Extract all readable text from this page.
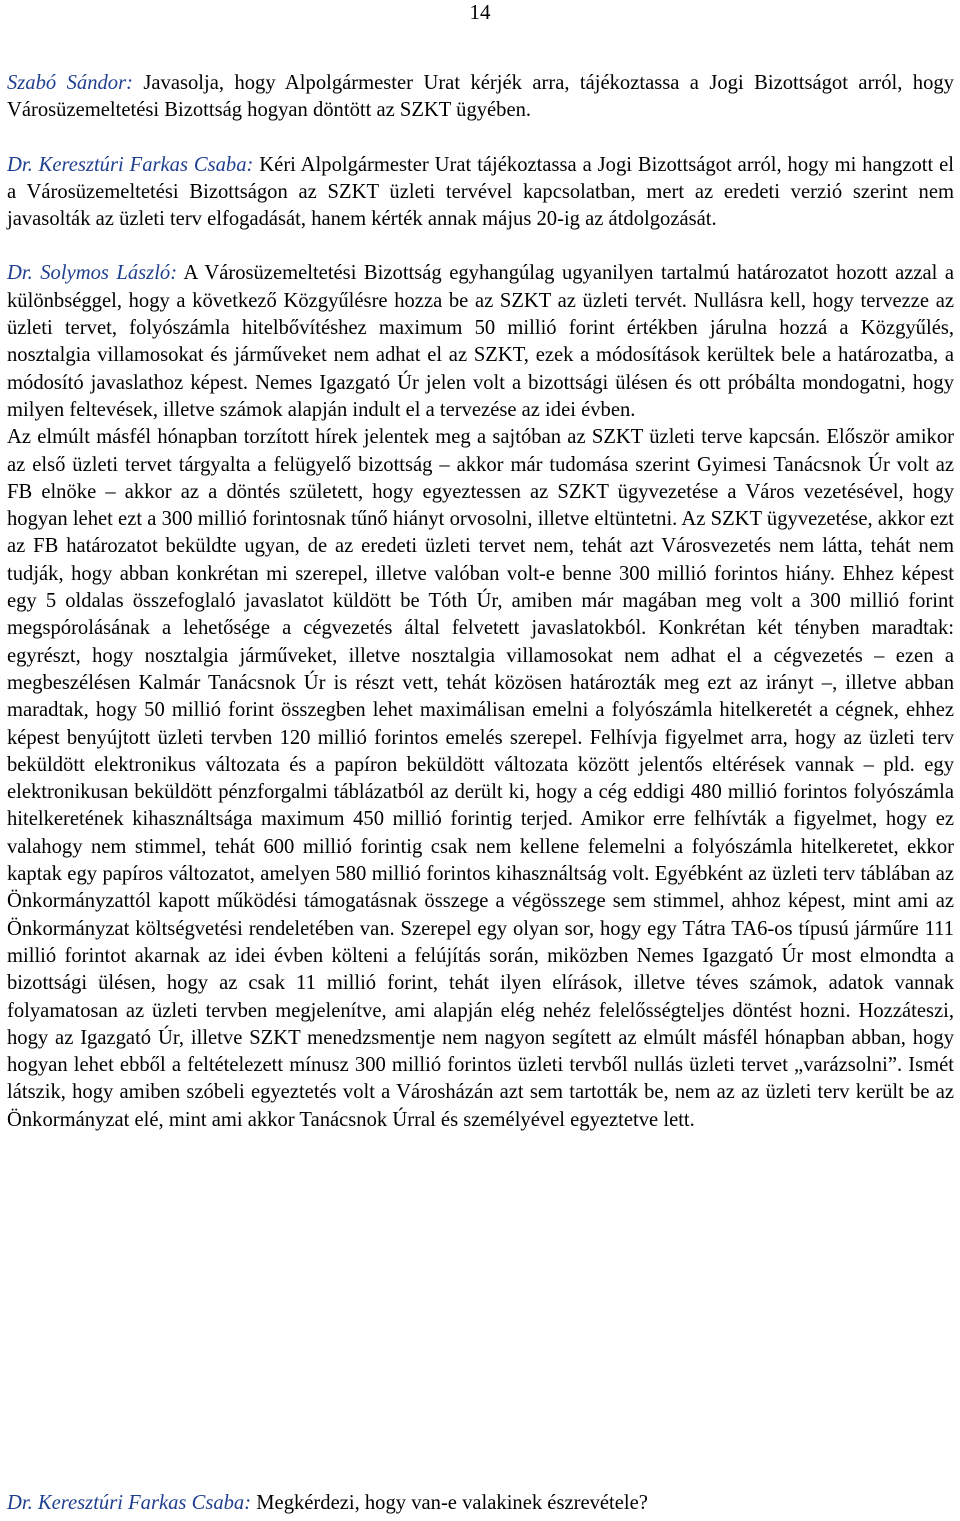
14

Szabó Sándor: Javasolja, hogy Alpolgármester Urat kérjék arra, tájékoztassa a Jogi Bizottságot arról, hogy Városüzemeltetési Bizottság hogyan döntött az SZKT ügyében.

Dr. Keresztúri Farkas Csaba: Kéri Alpolgármester Urat tájékoztassa a Jogi Bizottságot arról, hogy mi hangzott el a Városüzemeltetési Bizottságon az SZKT üzleti tervével kapcsolatban, mert az eredeti verzió szerint nem javasolták az üzleti terv elfogadását, hanem kérték annak május 20-ig az átdolgozását.

Dr. Solymos László: A Városüzemeltetési Bizottság egyhangúlag ugyanilyen tartalmú határozatot hozott azzal a különbséggel, hogy a következő Közgyűlésre hozza be az SZKT az üzleti tervét. Nullásra kell, hogy tervezze az üzleti tervet, folyószámla hitelbővítéshez maximum 50 millió forint értékben járulna hozzá a Közgyűlés, nosztalgia villamosokat és járműveket nem adhat el az SZKT, ezek a módosítások kerültek bele a határozatba, a módosító javaslathoz képest. Nemes Igazgató Úr jelen volt a bizottsági ülésen és ott próbálta mondogatni, hogy milyen feltevések, illetve számok alapján indult el a tervezése az idei évben.

Az elmúlt másfél hónapban torzított hírek jelentek meg a sajtóban az SZKT üzleti terve kapcsán. Először amikor az első üzleti tervet tárgyalta a felügyelő bizottság – akkor már tudomása szerint Gyimesi Tanácsnok Úr volt az FB elnöke – akkor az a döntés született, hogy egyeztessen az SZKT ügyvezetése a Város vezetésével, hogy hogyan lehet ezt a 300 millió forintosnak tűnő hiányt orvosolni, illetve eltüntetni. Az SZKT ügyvezetése, akkor ezt az FB határozatot beküldte ugyan, de az eredeti üzleti tervet nem, tehát azt Városvezetés nem látta, tehát nem tudják, hogy abban konkrétan mi szerepel, illetve valóban volt-e benne 300 millió forintos hiány. Ehhez képest egy 5 oldalas összefoglaló javaslatot küldött be Tóth Úr, amiben már magában meg volt a 300 millió forint megspórolásának a lehetősége a cégvezetés által felvetett javaslatokból. Konkrétan két tényben maradtak: egyrészt, hogy nosztalgia járműveket, illetve nosztalgia villamosokat nem adhat el a cégvezetés – ezen a megbeszélésen Kalmár Tanácsnok Úr is részt vett, tehát közösen határozták meg ezt az irányt –, illetve abban maradtak, hogy 50 millió forint összegben lehet maximálisan emelni a folyószámla hitelkeretét a cégnek, ehhez képest benyújtott üzleti tervben 120 millió forintos emelés szerepel. Felhívja figyelmet arra, hogy az üzleti terv beküldött elektronikus változata és a papíron beküldött változata között jelentős eltérések vannak – pld. egy elektronikusan beküldött pénzforgalmi táblázatból az derült ki, hogy a cég eddigi 480 millió forintos folyószámla hitelkeretének kihasználtsága maximum 450 millió forintig terjed. Amikor erre felhívták a figyelmet, hogy ez valahogy nem stimmel, tehát 600 millió forintig csak nem kellene felemelni a folyószámla hitelkeretet, ekkor kaptak egy papíros változatot, amelyen 580 millió forintos kihasználtság volt. Egyébként az üzleti terv táblában az Önkormányzattól kapott működési támogatásnak összege a végösszege sem stimmel, ahhoz képest, mint ami az Önkormányzat költségvetési rendeletében van. Szerepel egy olyan sor, hogy egy Tátra TA6-os típusú járműre 111 millió forintot akarnak az idei évben költeni a felújítás során, miközben Nemes Igazgató Úr most elmondta a bizottsági ülésen, hogy az csak 11 millió forint, tehát ilyen elírások, illetve téves számok, adatok vannak folyamatosan az üzleti tervben megjelenítve, ami alapján elég nehéz felelősségteljes döntést hozni. Hozzáteszi, hogy az Igazgató Úr, illetve SZKT menedzsmentje nem nagyon segített az elmúlt másfél hónapban abban, hogy hogyan lehet ebből a feltételezett mínusz 300 millió forintos üzleti tervből nullás üzleti tervet „varázsolni”. Ismét látszik, hogy amiben szóbeli egyeztetés volt a Városházán azt sem tartották be, nem az az üzleti terv került be az Önkormányzat elé, mint ami akkor Tanácsnok Úrral és személyével egyeztetve lett.

Dr. Keresztúri Farkas Csaba: Megkérdezi, hogy van-e valakinek észrevétele?
